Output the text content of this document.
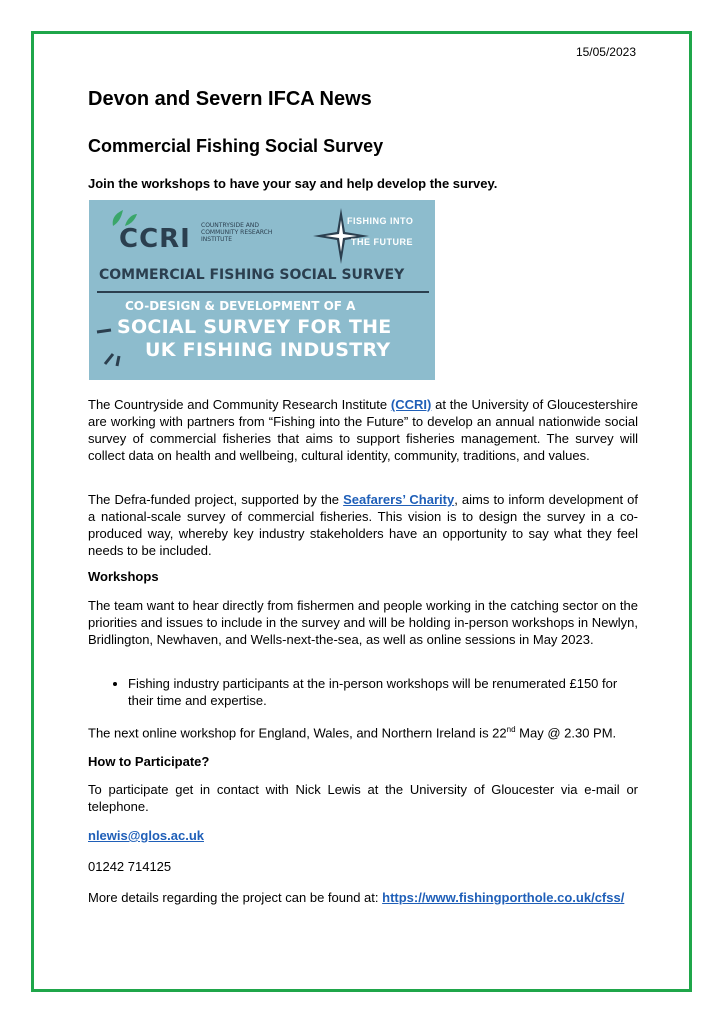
15/05/2023
Devon and Severn IFCA News
Commercial Fishing Social Survey

Join the workshops to have your say and help develop the survey.

CCRI COUNTRYSIDE AND COMMUNITY RESEARCH INSTITUTE
FISHING INTO
THE FUTURE
COMMERCIAL FISHING SOCIAL SURVEY
CO-DESIGN & DEVELOPMENT OF A
SOCIAL SURVEY FOR THE
UK FISHING INDUSTRY

The Countryside and Community Research Institute (CCRI) at the University of Gloucestershire are working with partners from “Fishing into the Future” to develop an annual nationwide social survey of commercial fisheries that aims to support fisheries management. The survey will collect data on health and wellbeing, cultural identity, community, traditions, and values.

The Defra-funded project, supported by the Seafarers’ Charity, aims to inform development of a national-scale survey of commercial fisheries. This vision is to design the survey in a co-produced way, whereby key industry stakeholders have an opportunity to say what they feel needs to be included.

Workshops

The team want to hear directly from fishermen and people working in the catching sector on the priorities and issues to include in the survey and will be holding in-person workshops in Newlyn, Bridlington, Newhaven, and Wells-next-the-sea, as well as online sessions in May 2023.

• Fishing industry participants at the in-person workshops will be renumerated £150 for their time and expertise.

The next online workshop for England, Wales, and Northern Ireland is 22nd May @ 2.30 PM.

How to Participate?

To participate get in contact with Nick Lewis at the University of Gloucester via e-mail or telephone.

nlewis@glos.ac.uk

01242 714125

More details regarding the project can be found at: https://www.fishingporthole.co.uk/cfss/
